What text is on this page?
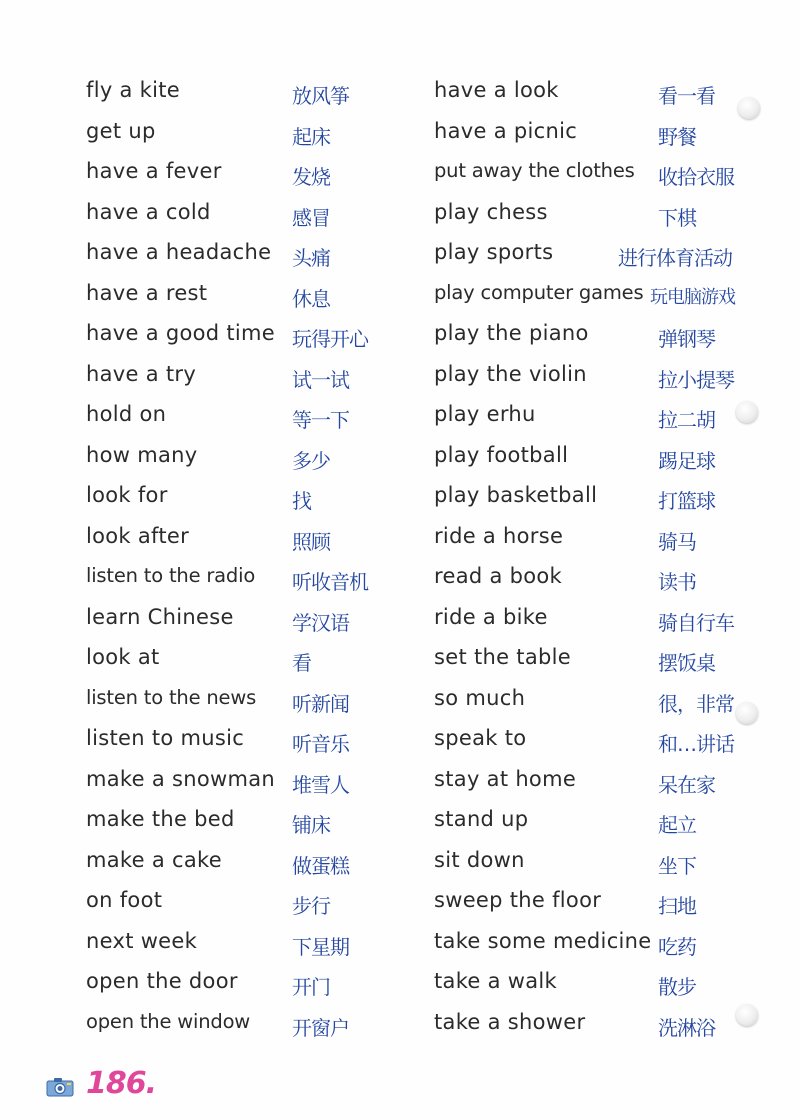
fly a kite	放风筝
get up	起床
have a fever	发烧
have a cold	感冒
have a headache 头痛
have a rest	休息
have a good time 玩得开心
have a try	试一试
hold on	等一下
how many	多少
look for	找
look after	照顾
listen to the radio 听收音机
learn Chinese	学汉语
look at	看
listen to the news 听新闻
listen to music 听音乐
make a snowman 堆雪人
make the bed	铺床
make a cake	做蛋糕
on foot	步行
next week	下星期
open the door	开门
open the window 开窗户
have a look	看一看
have a picnic	野餐
put away the clothes 收拾衣服
play chess	下棋
play sports	进行体育活动
play computer games 玩电脑游戏
play the piano	弹钢琴
play the violin	拉小提琴
play erhu	拉二胡
play football	踢足球
play basketball	打篮球
ride a horse	骑马
read a book	读书
ride a bike	骑自行车
set the table	摆饭桌
so much	很，非常
speak to	和…讲话
stay at home	呆在家
stand up	起立
sit down	坐下
sweep the floor	扫地
take some medicine 吃药
take a walk	散步
take a shower	洗淋浴
186.
